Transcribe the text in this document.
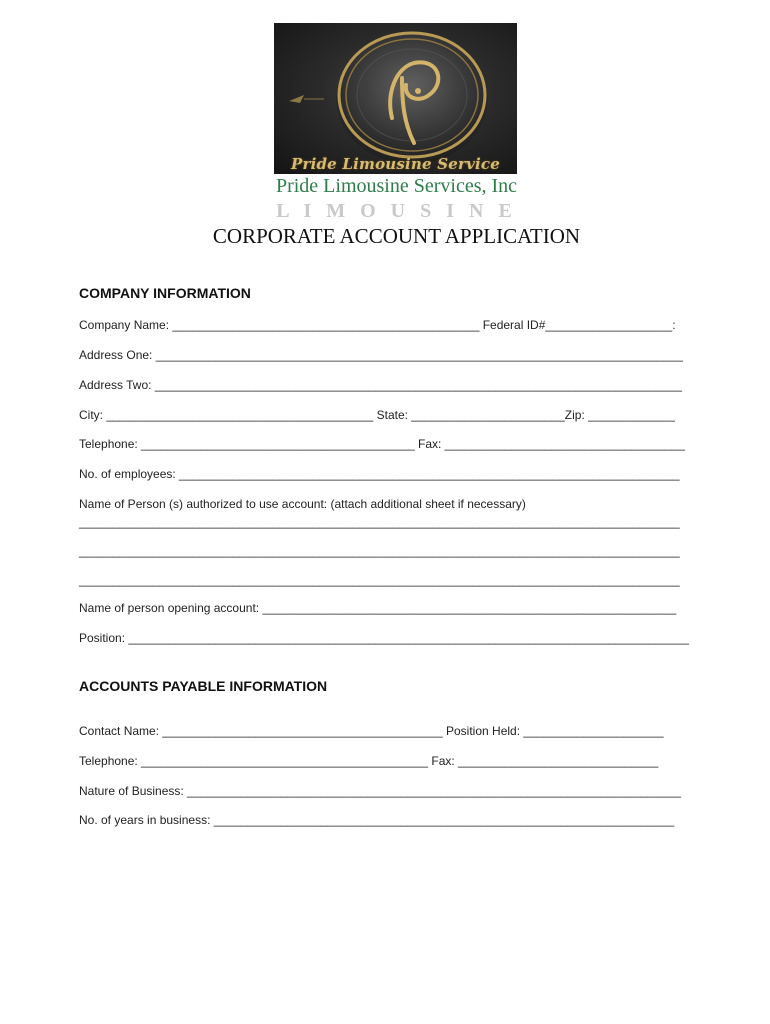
Pride Limousine Service
Pride Limousine Services, Inc
L I M O U S I N E
CORPORATE ACCOUNT APPLICATION
COMPANY INFORMATION
Company Name: ______________________________________________ Federal ID#___________________:
Address One: _______________________________________________________________________________
Address Two: _______________________________________________________________________________
City: ________________________________________ State: _______________________Zip: _____________
Telephone: _________________________________________ Fax: ____________________________________
No. of employees: ___________________________________________________________________________
Name of Person (s) authorized to use account: (attach additional sheet if necessary)
__________________________________________________________________________________________
__________________________________________________________________________________________
__________________________________________________________________________________________
Name of person opening account: ______________________________________________________________
Position: ____________________________________________________________________________________
ACCOUNTS PAYABLE INFORMATION
Contact Name: __________________________________________ Position Held: _____________________
Telephone: ___________________________________________ Fax: ______________________________
Nature of Business: __________________________________________________________________________
No. of years in business: _____________________________________________________________________
